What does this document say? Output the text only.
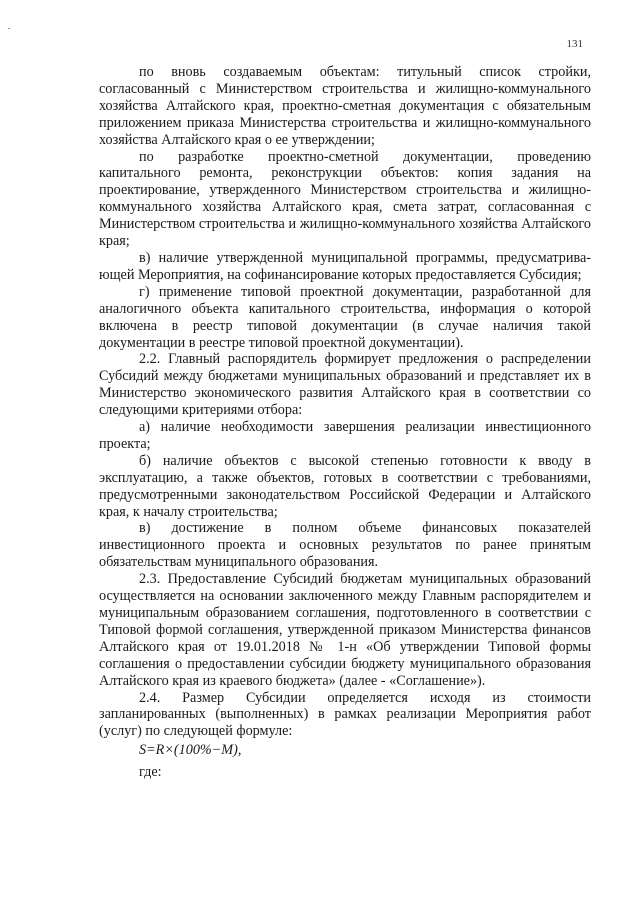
131

по вновь создаваемым объектам: титульный список стройки, согласованный с Министерством строительства и жилищно-коммунального хозяйства Алтайского края, проектно-сметная документация с обязательным приложением приказа Министерства строительства и жилищно-коммунального хозяйства Алтайского края о ее утверждении;

по разработке проектно-сметной документации, проведению капитального ремонта, реконструкции объектов: копия задания на проектирование, утвержденного Министерством строительства и жилищно-коммунального хозяйства Алтайского края, смета затрат, согласованная с Министерством строительства и жилищно-коммунального хозяйства Алтайского края;

в) наличие утвержденной муниципальной программы, предусматривающей Мероприятия, на софинансирование которых предоставляется Субсидия;

г) применение типовой проектной документации, разработанной для аналогичного объекта капитального строительства, информация о которой включена в реестр типовой документации (в случае наличия такой документации в реестре типовой проектной документации).

2.2. Главный распорядитель формирует предложения о распределении Субсидий между бюджетами муниципальных образований и представляет их в Министерство экономического развития Алтайского края в соответствии со следующими критериями отбора:

а) наличие необходимости завершения реализации инвестиционного проекта;

б) наличие объектов с высокой степенью готовности к вводу в эксплуатацию, а также объектов, готовых в соответствии с требованиями, предусмотренными законодательством Российской Федерации и Алтайского края, к началу строительства;

в) достижение в полном объеме финансовых показателей инвестиционного проекта и основных результатов по ранее принятым обязательствам муниципального образования.

2.3. Предоставление Субсидий бюджетам муниципальных образований осуществляется на основании заключенного между Главным распорядителем и муниципальным образованием соглашения, подготовленного в соответствии с Типовой формой соглашения, утвержденной приказом Министерства финансов Алтайского края от 19.01.2018 № 1-н «Об утверждении Типовой формы соглашения о предоставлении субсидии бюджету муниципального образования Алтайского края из краевого бюджета» (далее - «Соглашение»).

2.4. Размер Субсидии определяется исходя из стоимости запланированных (выполненных) в рамках реализации Мероприятия работ (услуг) по следующей формуле:

S=R×(100%−M),
где:
